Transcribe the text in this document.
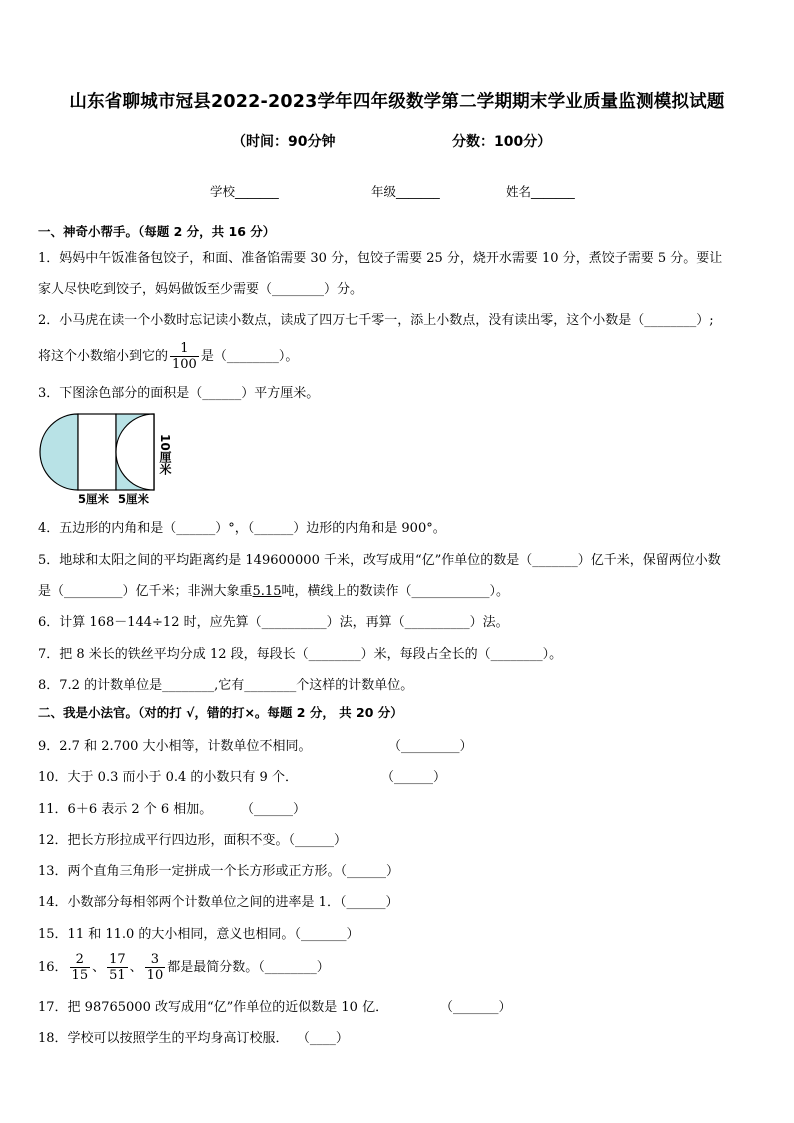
山东省聊城市冠县2022-2023学年四年级数学第二学期期末学业质量监测模拟试题
（时间：90分钟	分数：100分）
学校_______	年级_______	姓名_______
一、神奇小帮手。（每题 2 分，共 16 分）
1．妈妈中午饭准备包饺子，和面、准备馅需要 30 分，包饺子需要 25 分，烧开水需要 10 分，煮饺子需要 5 分。要让
家人尽快吃到饺子，妈妈做饭至少需要（________）分。
2．小马虎在读一个小数时忘记读小数点，读成了四万七千零一，添上小数点，没有读出零，这个小数是（________）;
将这个小数缩小到它的 $\frac{1}{100}$ 是（________）。
3．下图涂色部分的面积是（______）平方厘米。
10厘米
5厘米 5厘米
4．五边形的内角和是（______）°，（______）边形的内角和是 900°。
5．地球和太阳之间的平均距离约是 149600000 千米，改写成用“亿”作单位的数是（_______）亿千米，保留两位小数
是（_________）亿千米；非洲大象重5.15吨，横线上的数读作（____________）。
6．计算 168－144÷12 时，应先算（__________）法，再算（__________）法。
7．把 8 米长的铁丝平均分成 12 段，每段长（________）米，每段占全长的（________）。
8．7.2 的计数单位是________,它有________个这样的计数单位。
二、我是小法官。（对的打 √，错的打×。每题 2 分， 共 20 分）
9．2.7 和 2.700 大小相等，计数单位不相同。	（_________）
10．大于 0.3 而小于 0.4 的小数只有 9 个．	（______）
11．6＋6 表示 2 个 6 相加。 （______）
12．把长方形拉成平行四边形，面积不变。（______）
13．两个直角三角形一定拼成一个长方形或正方形。（______）
14．小数部分每相邻两个计数单位之间的进率是 1．（______）
15．11 和 11.0 的大小相同，意义也相同。（_______）
16． $\frac{2}{15}$ 、 $\frac{17}{51}$ 、 $\frac{3}{10}$ 都是最简分数。（________）
17．把 98765000 改写成用“亿”作单位的近似数是 10 亿．	（_______）
18．学校可以按照学生的平均身高订校服． （____）
